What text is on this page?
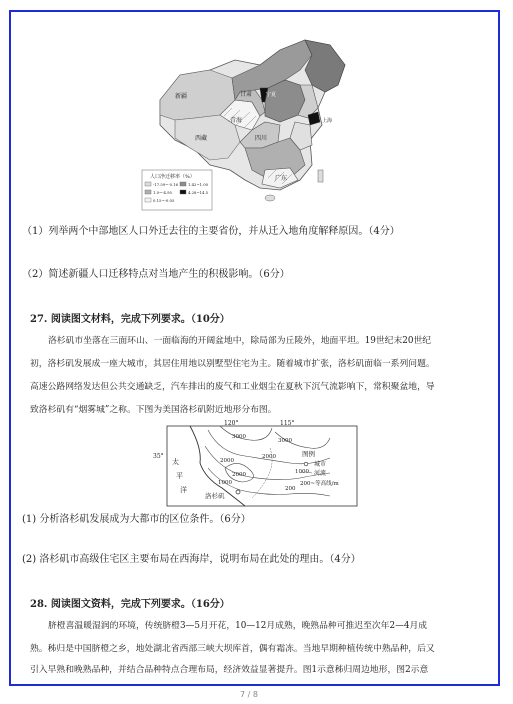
新疆
西藏
青海
甘肃	宁夏
四川
广东
上海
人口净迁移率（%）
-17.59~-0.16	1.42~1.00
1.0~-4.95	4.28~14.5
0.15~-0.05
（1）列举两个中部地区人口外迁去往的主要省份，并从迁入地角度解释原因。（4分）
（2）简述新疆人口迁移特点对当地产生的积极影响。（6分）
27. 阅读图文材料，完成下列要求。（10分）
洛杉矶市坐落在三面环山、一面临海的开阔盆地中，除局部为丘陵外，地面平坦。19世纪末20世纪
初，洛杉矶发展成一座大城市，其居住用地以别墅型住宅为主。随着城市扩张，洛杉矶面临一系列问题。
高速公路网络发达但公共交通缺乏，汽车排出的废气和工业烟尘在夏秋下沉气流影响下，常积聚盆地，导
致洛杉矶有“烟雾城”之称。下图为美国洛杉矶附近地形分布图。
120°	115°
35°
3000
3000
2000
2000
2000	1000
1000
200
太
平
洋
洛杉矶
图例
城市
河流
200~等高线/m
(1) 分析洛杉矶发展成为大都市的区位条件。（6分）
(2) 洛杉矶市高级住宅区主要布局在西海岸，说明布局在此处的理由。（4分）
28. 阅读图文资料，完成下列要求。（16分）
脐橙喜温暖湿润的环境，传统脐橙3—5月开花，10—12月成熟，晚熟品种可推迟至次年2—4月成
熟。秭归是中国脐橙之乡，地处湖北省西部三峡大坝库首，偶有霜冻。当地早期种植传统中熟品种，后又
引入早熟和晚熟品种，并结合品种特点合理布局，经济效益显著提升。图1示意秭归周边地形，图2示意
7 / 8
